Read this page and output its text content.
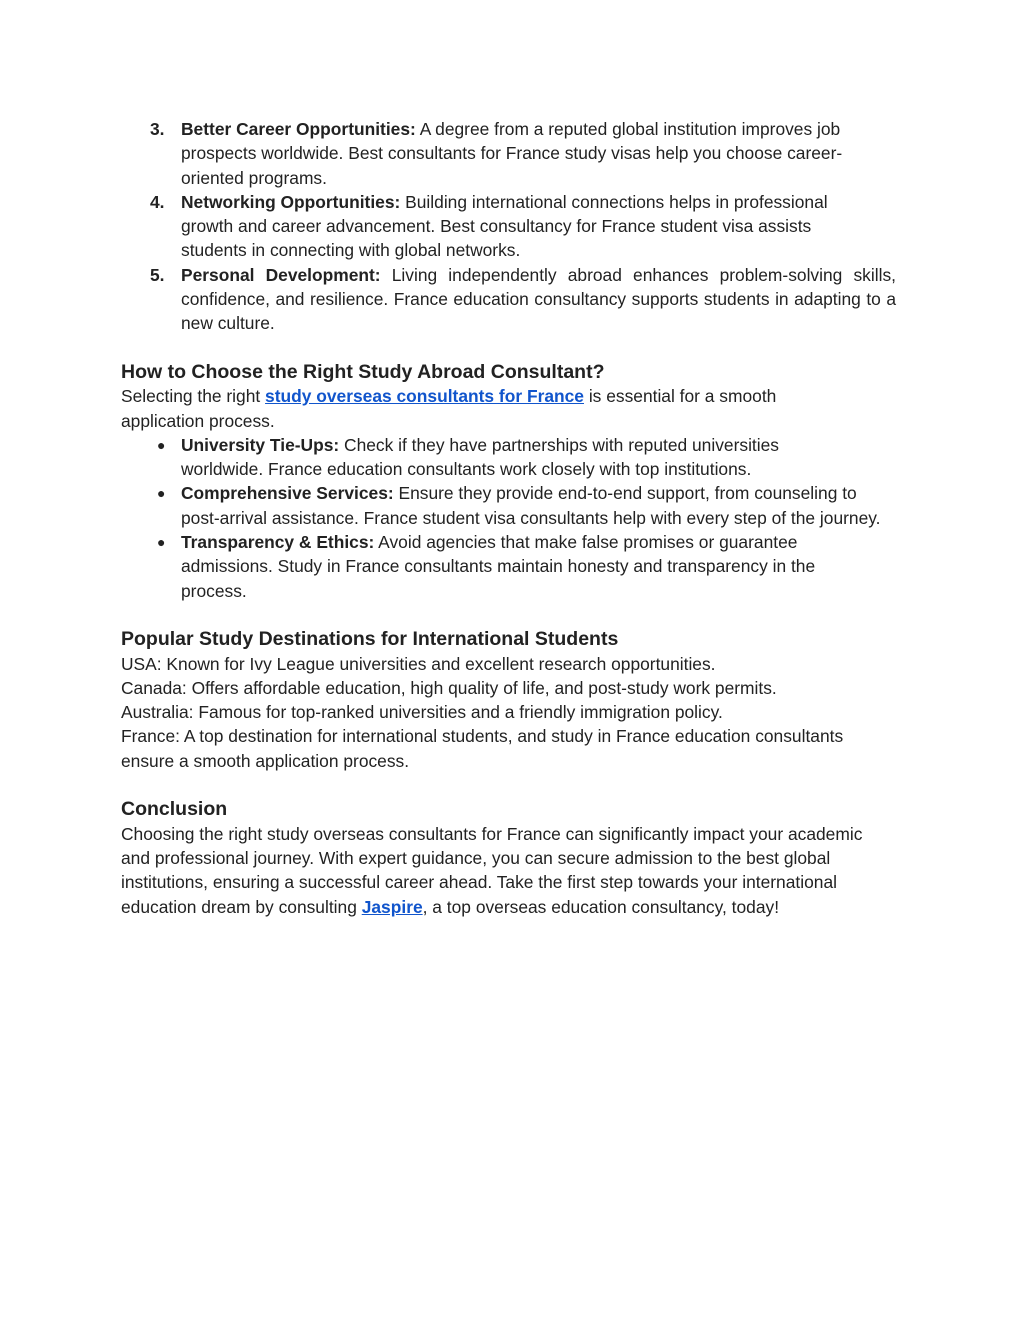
3. Better Career Opportunities: A degree from a reputed global institution improves job prospects worldwide. Best consultants for France study visas help you choose career-oriented programs.
4. Networking Opportunities: Building international connections helps in professional growth and career advancement. Best consultancy for France student visa assists students in connecting with global networks.
5. Personal Development: Living independently abroad enhances problem-solving skills, confidence, and resilience. France education consultancy supports students in adapting to a new culture.
How to Choose the Right Study Abroad Consultant?
Selecting the right study overseas consultants for France is essential for a smooth application process.
● University Tie-Ups: Check if they have partnerships with reputed universities worldwide. France education consultants work closely with top institutions.
● Comprehensive Services: Ensure they provide end-to-end support, from counseling to post-arrival assistance. France student visa consultants help with every step of the journey.
● Transparency & Ethics: Avoid agencies that make false promises or guarantee admissions. Study in France consultants maintain honesty and transparency in the process.
Popular Study Destinations for International Students
USA: Known for Ivy League universities and excellent research opportunities.
Canada: Offers affordable education, high quality of life, and post-study work permits.
Australia: Famous for top-ranked universities and a friendly immigration policy.
France: A top destination for international students, and study in France education consultants ensure a smooth application process.
Conclusion
Choosing the right study overseas consultants for France can significantly impact your academic and professional journey. With expert guidance, you can secure admission to the best global institutions, ensuring a successful career ahead. Take the first step towards your international education dream by consulting Jaspire, a top overseas education consultancy, today!
